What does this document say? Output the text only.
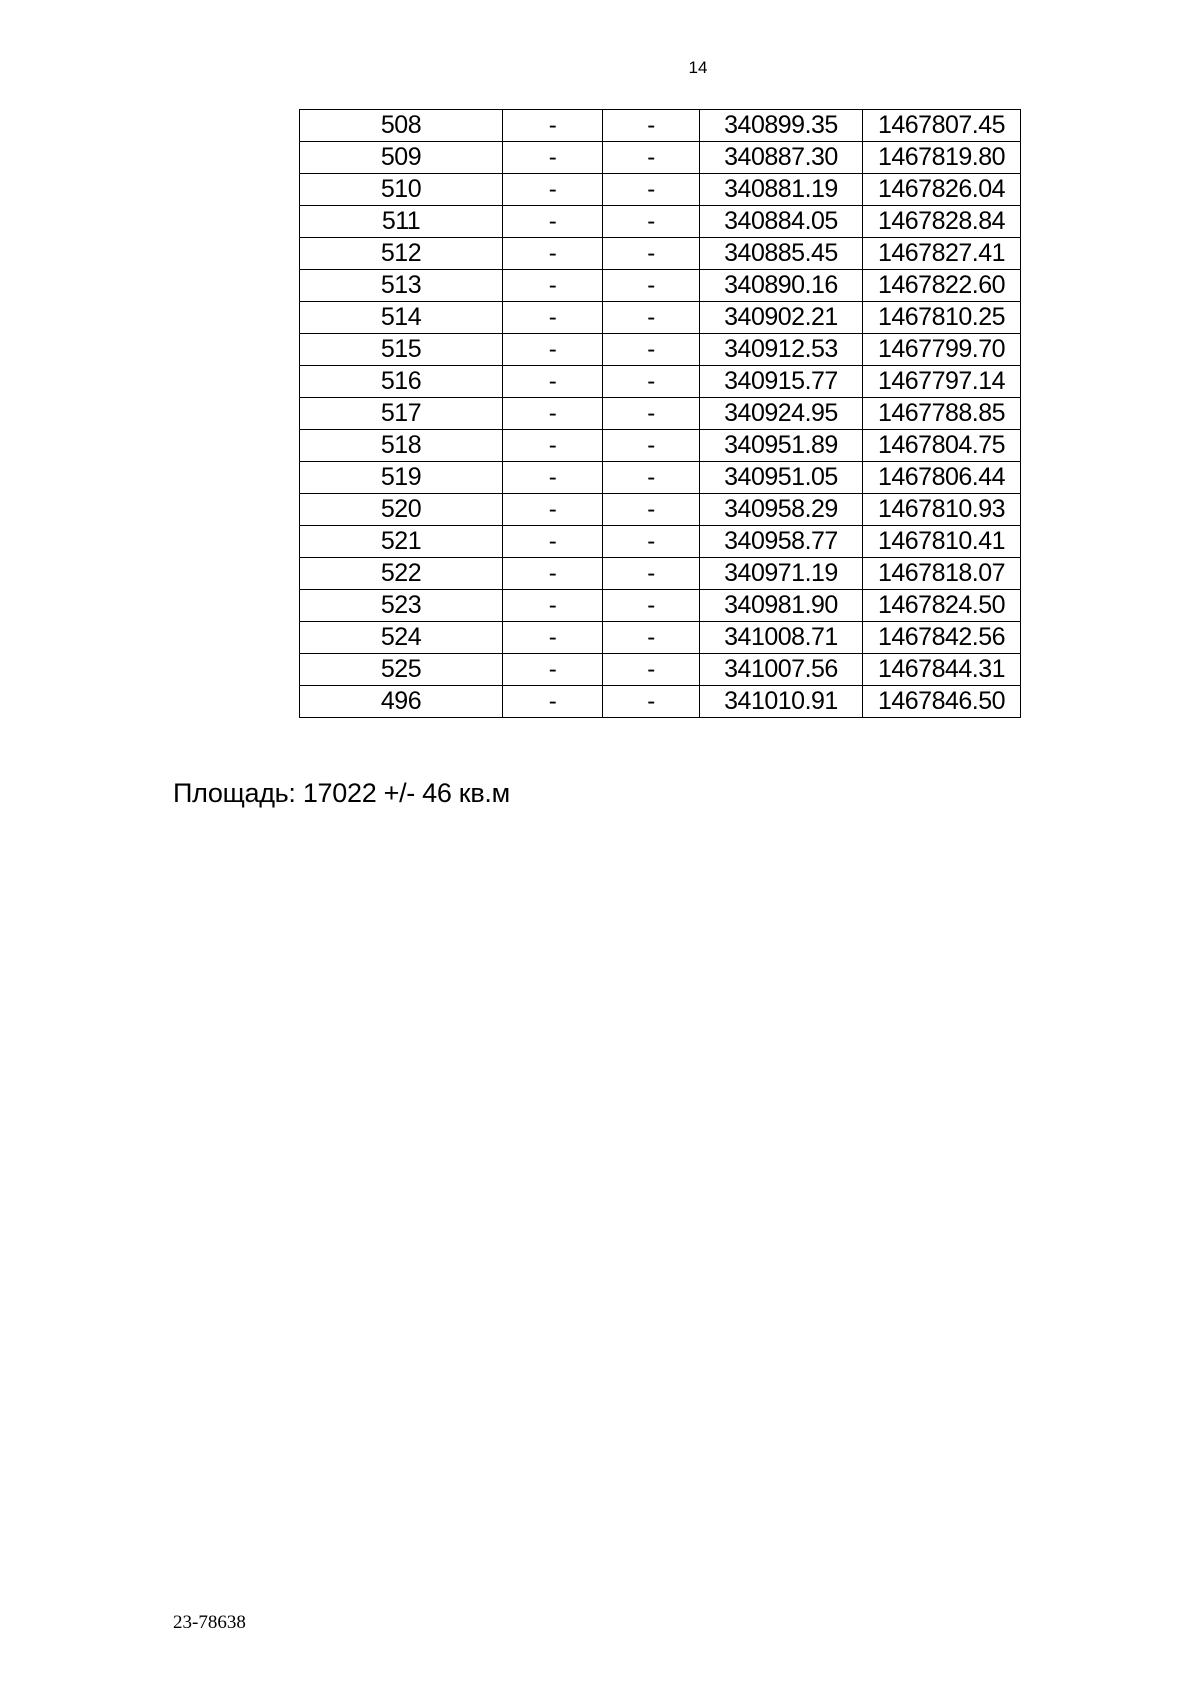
14
508	-	-	340899.35	1467807.45
509	-	-	340887.30	1467819.80
510	-	-	340881.19	1467826.04
511	-	-	340884.05	1467828.84
512	-	-	340885.45	1467827.41
513	-	-	340890.16	1467822.60
514	-	-	340902.21	1467810.25
515	-	-	340912.53	1467799.70
516	-	-	340915.77	1467797.14
517	-	-	340924.95	1467788.85
518	-	-	340951.89	1467804.75
519	-	-	340951.05	1467806.44
520	-	-	340958.29	1467810.93
521	-	-	340958.77	1467810.41
522	-	-	340971.19	1467818.07
523	-	-	340981.90	1467824.50
524	-	-	341008.71	1467842.56
525	-	-	341007.56	1467844.31
496	-	-	341010.91	1467846.50
Площадь: 17022 +/- 46 кв.м
23-78638
